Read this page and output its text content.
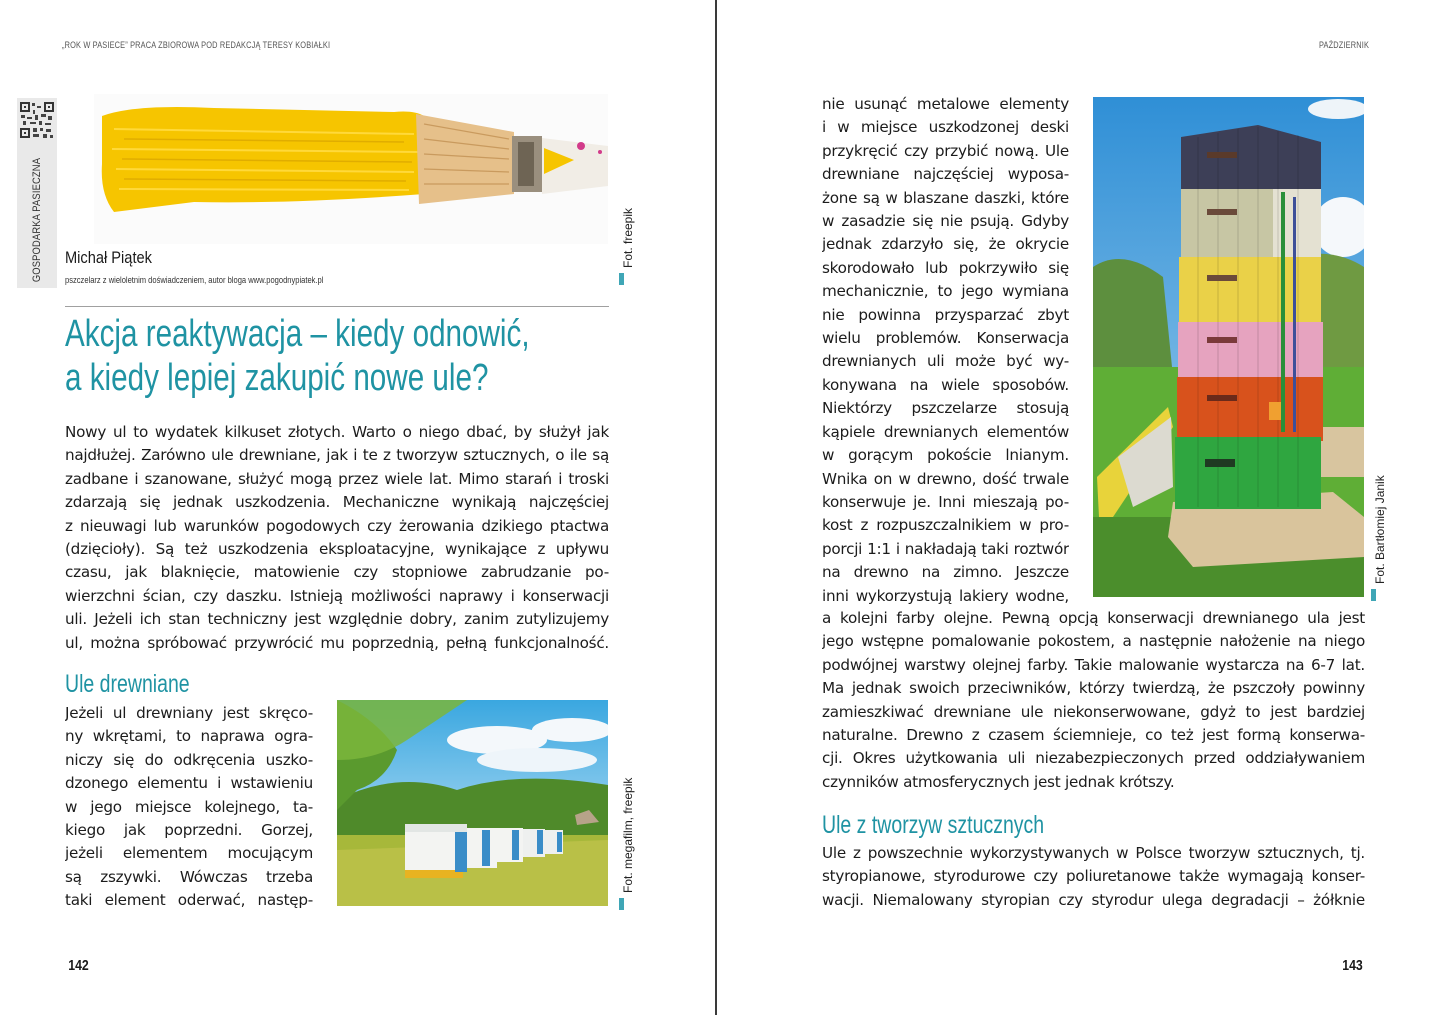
„ROK W PASIECE” PRACA ZBIOROWA POD REDAKCJĄ TERESY KOBIAŁKI
GOSPODARKA PASIECZNA Michał Piątek
pszczelarz z wieloletnim doświadczeniem, autor bloga www.pogodnypiatek.pl
Fot. freepik
Akcja reaktywacja – kiedy odnowić,
a kiedy lepiej zakupić nowe ule?
Nowy ul to wydatek kilkuset złotych. Warto o niego dbać, by służył jak
najdłużej. Zarówno ule drewniane, jak i te z tworzyw sztucznych, o ile są
zadbane i szanowane, służyć mogą przez wiele lat. Mimo starań i troski
zdarzają się jednak uszkodzenia. Mechaniczne wynikają najczęściej
z nieuwagi lub warunków pogodowych czy żerowania dzikiego ptactwa
(dzięcioły). Są też uszkodzenia eksploatacyjne, wynikające z upływu
czasu, jak blaknięcie, matowienie czy stopniowe zabrudzanie po-
wierzchni ścian, czy daszku. Istnieją możliwości naprawy i konserwacji
uli. Jeżeli ich stan techniczny jest względnie dobry, zanim zutylizujemy
ul, można spróbować przywrócić mu poprzednią, pełną funkcjonalność.
Ule drewniane
Jeżeli ul drewniany jest skręco-
ny wkrętami, to naprawa ogra-
niczy się do odkręcenia uszko-
dzonego elementu i wstawieniu
w jego miejsce kolejnego, ta-
kiego jak poprzedni. Gorzej,
jeżeli elementem mocującym
są zszywki. Wówczas trzeba
taki element oderwać, następ-
Fot. megafilm, freepik
142
PAŹDZIERNIK
nie usunąć metalowe elementy
i w miejsce uszkodzonej deski
przykręcić czy przybić nową. Ule
drewniane najczęściej wyposa-
żone są w blaszane daszki, które
w zasadzie się nie psują. Gdyby
jednak zdarzyło się, że okrycie
skorodowało lub pokrzywiło się
mechanicznie, to jego wymiana
nie powinna przysparzać zbyt
wielu problemów. Konserwacja
drewnianych uli może być wy-
konywana na wiele sposobów.
Niektórzy pszczelarze stosują
kąpiele drewnianych elementów
w gorącym pokoście lnianym.
Wnika on w drewno, dość trwale
konserwuje je. Inni mieszają po-
kost z rozpuszczalnikiem w pro-
porcji 1:1 i nakładają taki roztwór
na drewno na zimno. Jeszcze
inni wykorzystują lakiery wodne,
Fot. Bartłomiej Janik
a kolejni farby olejne. Pewną opcją konserwacji drewnianego ula jest
jego wstępne pomalowanie pokostem, a następnie nałożenie na niego
podwójnej warstwy olejnej farby. Takie malowanie wystarcza na 6-7 lat.
Ma jednak swoich przeciwników, którzy twierdzą, że pszczoły powinny
zamieszkiwać drewniane ule niekonserwowane, gdyż to jest bardziej
naturalne. Drewno z czasem ściemnieje, co też jest formą konserwa-
cji. Okres użytkowania uli niezabezpieczonych przed oddziaływaniem
czynników atmosferycznych jest jednak krótszy.
Ule z tworzyw sztucznych
Ule z powszechnie wykorzystywanych w Polsce tworzyw sztucznych, tj.
styropianowe, styrodurowe czy poliuretanowe także wymagają konser-
wacji. Niemalowany styropian czy styrodur ulega degradacji – żółknie
143
